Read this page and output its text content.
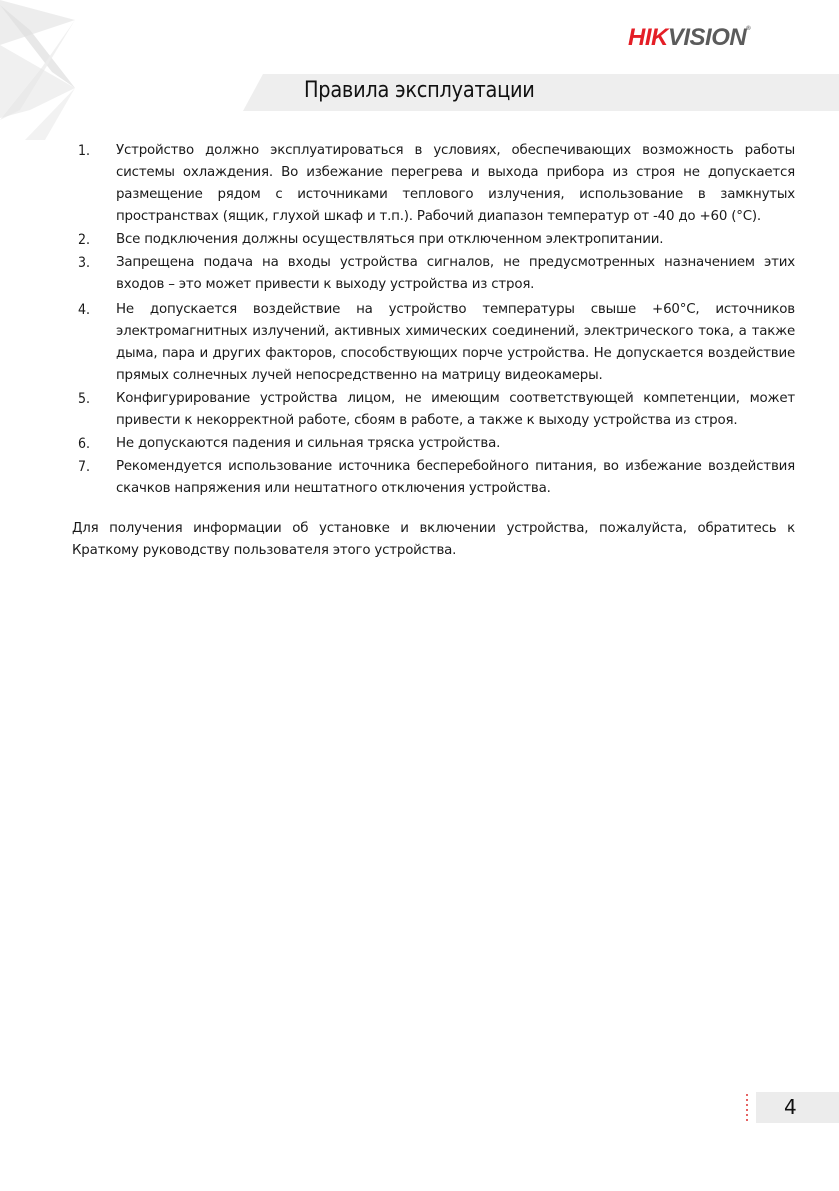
HIKVISION®
Правила эксплуатации
1. Устройство должно эксплуатироваться в условиях, обеспечивающих возможность работы системы охлаждения. Во избежание перегрева и выхода прибора из строя не допускается размещение рядом с источниками теплового излучения, использование в замкнутых пространствах (ящик, глухой шкаф и т.п.). Рабочий диапазон температур от -40 до +60 (°C).
2. Все подключения должны осуществляться при отключенном электропитании.
3. Запрещена подача на входы устройства сигналов, не предусмотренных назначением этих входов – это может привести к выходу устройства из строя.
4. Не допускается воздействие на устройство температуры свыше +60°С, источников электромагнитных излучений, активных химических соединений, электрического тока, а также дыма, пара и других факторов, способствующих порче устройства. Не допускается воздействие прямых солнечных лучей непосредственно на матрицу видеокамеры.
5. Конфигурирование устройства лицом, не имеющим соответствующей компетенции, может привести к некорректной работе, сбоям в работе, а также к выходу устройства из строя.
6. Не допускаются падения и сильная тряска устройства.
7. Рекомендуется использование источника бесперебойного питания, во избежание воздействия скачков напряжения или нештатного отключения устройства.

Для получения информации об установке и включении устройства, пожалуйста, обратитесь к Краткому руководству пользователя этого устройства.

4
